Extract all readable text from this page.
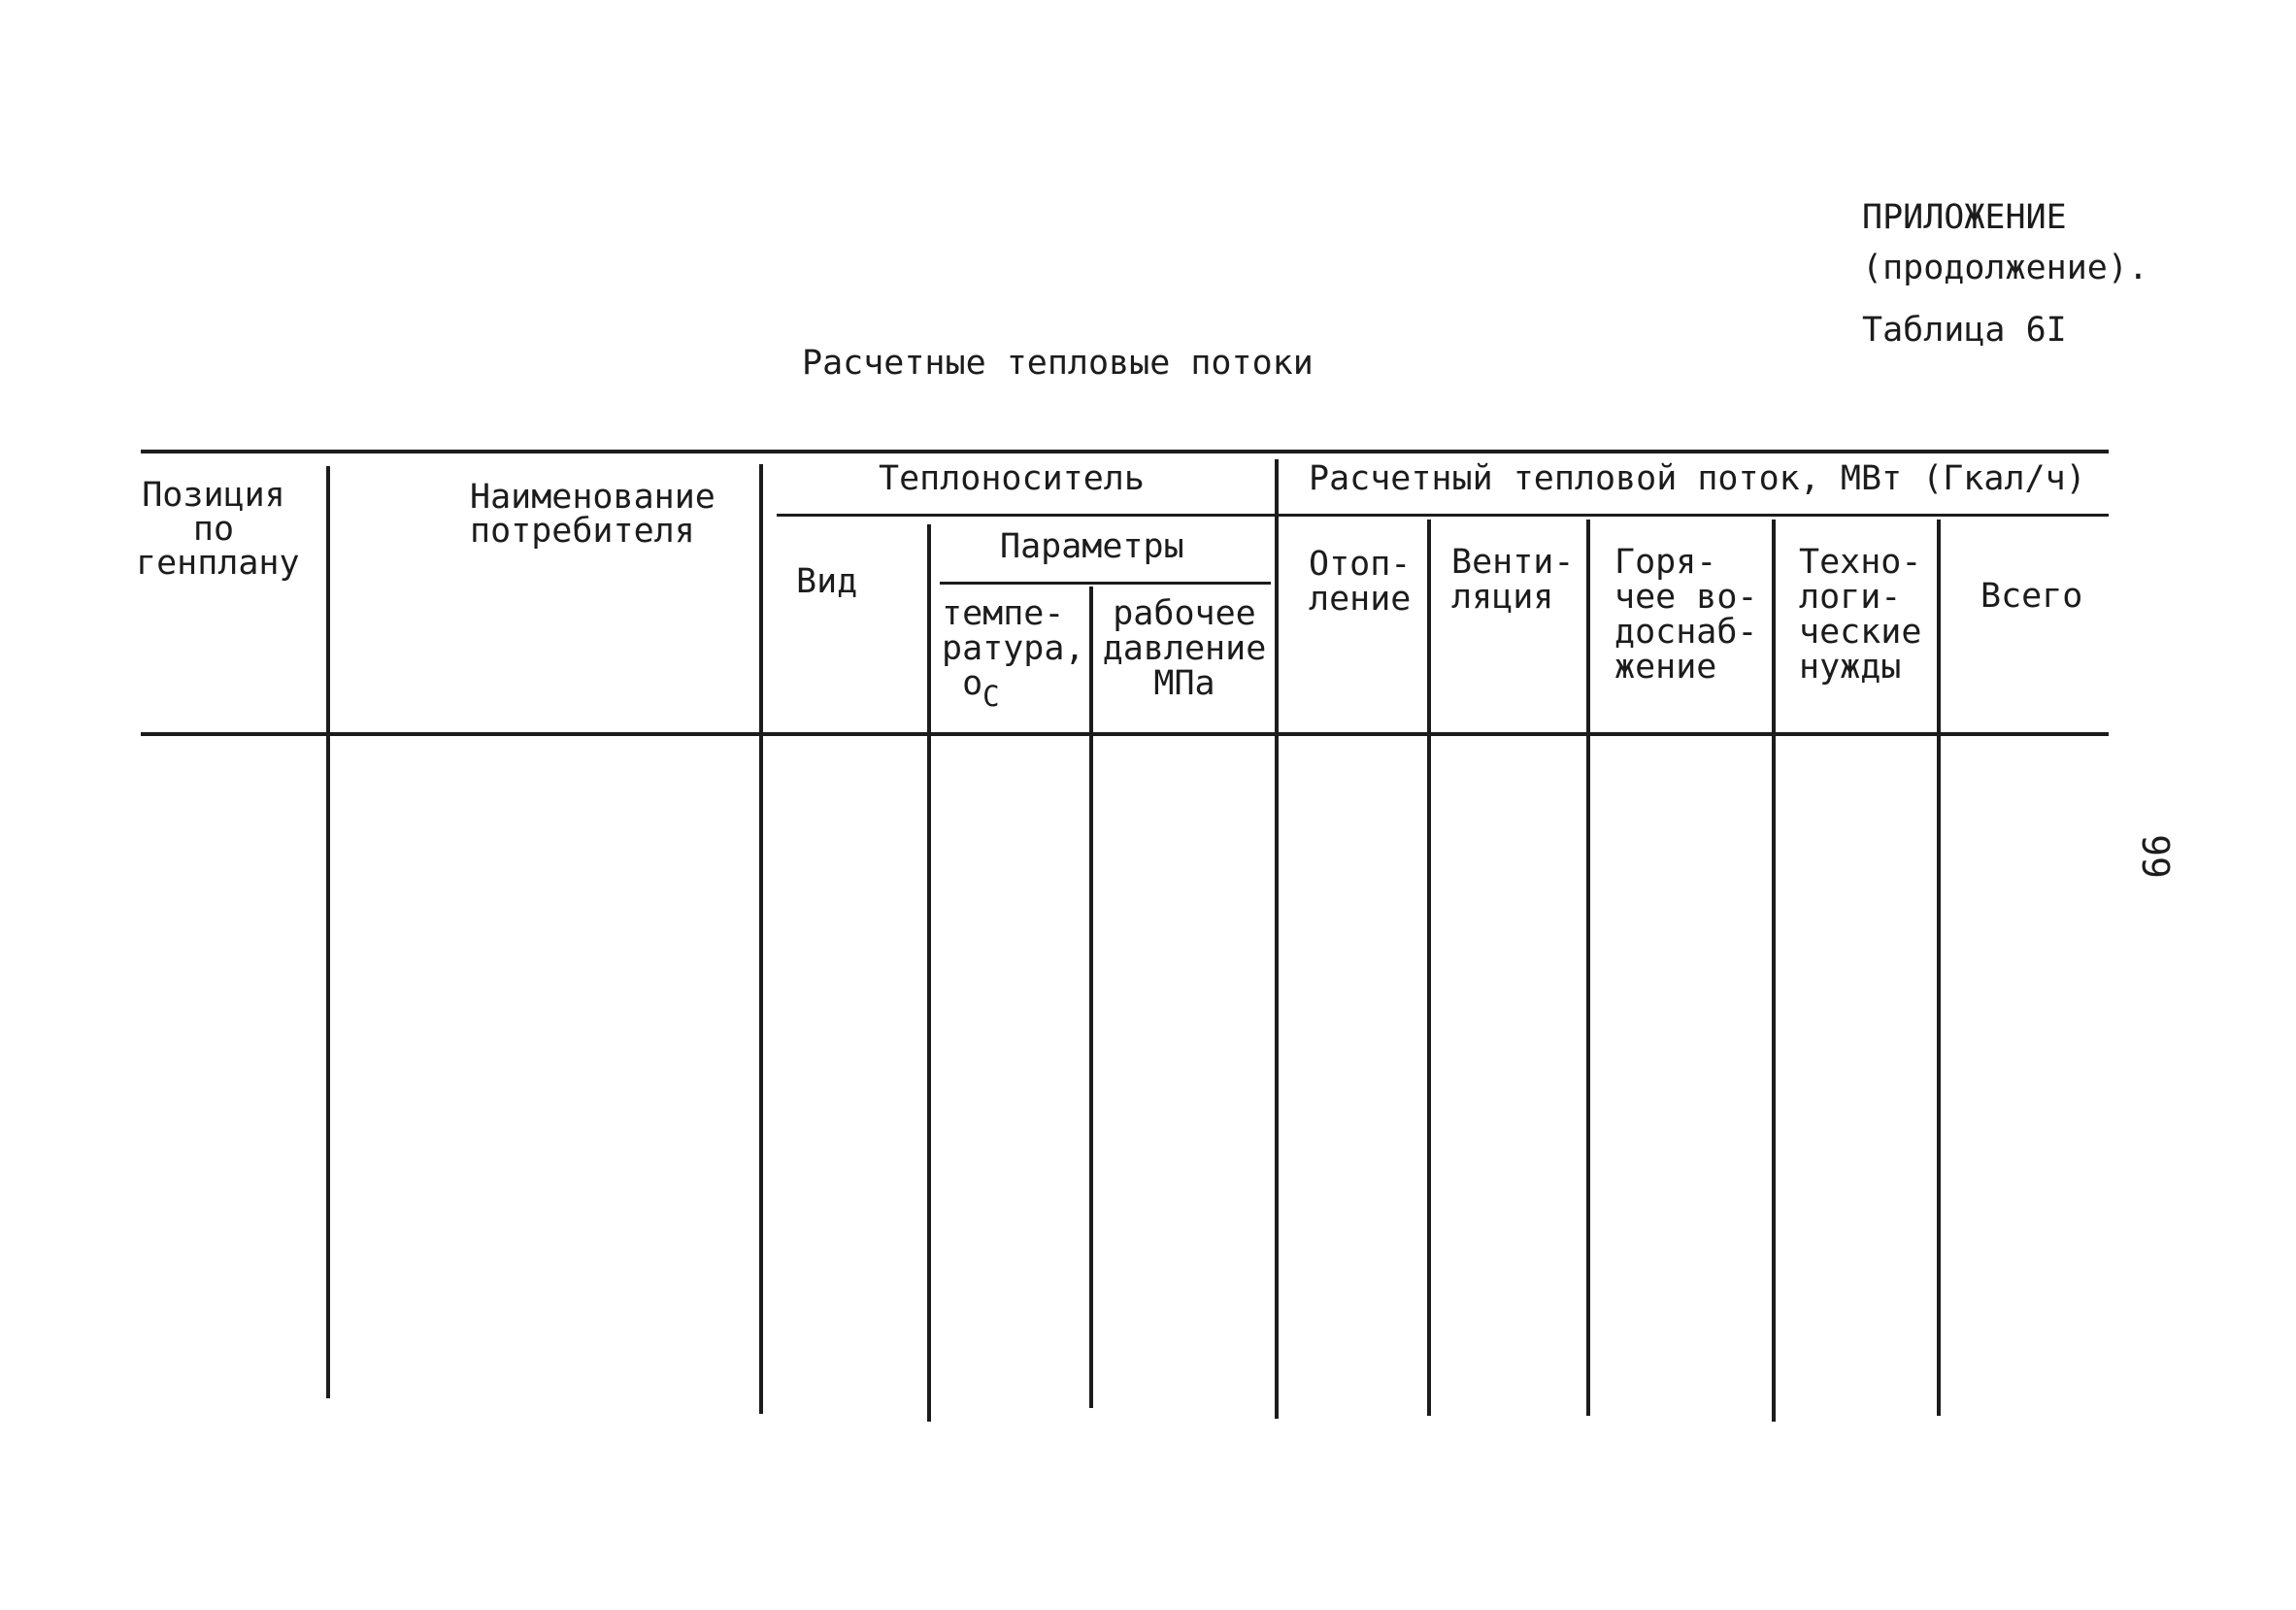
ПРИЛОЖЕНИЕ
(продолжение).
Таблица 6I
Расчетные тепловые потоки
99
Позиция
по
генплану
Наименование
потребителя
Теплоноситель
Вид
Параметры
темпе-
ратура,
$о_С$
рабочее
давление
МПа
Расчетный тепловой поток, МВт (Гкал/ч)
Отоп-
ление
Венти-
ляция
Горя-
чее во-
доснаб-
жение
Техно-
логи-
ческие
нужды
Всего
